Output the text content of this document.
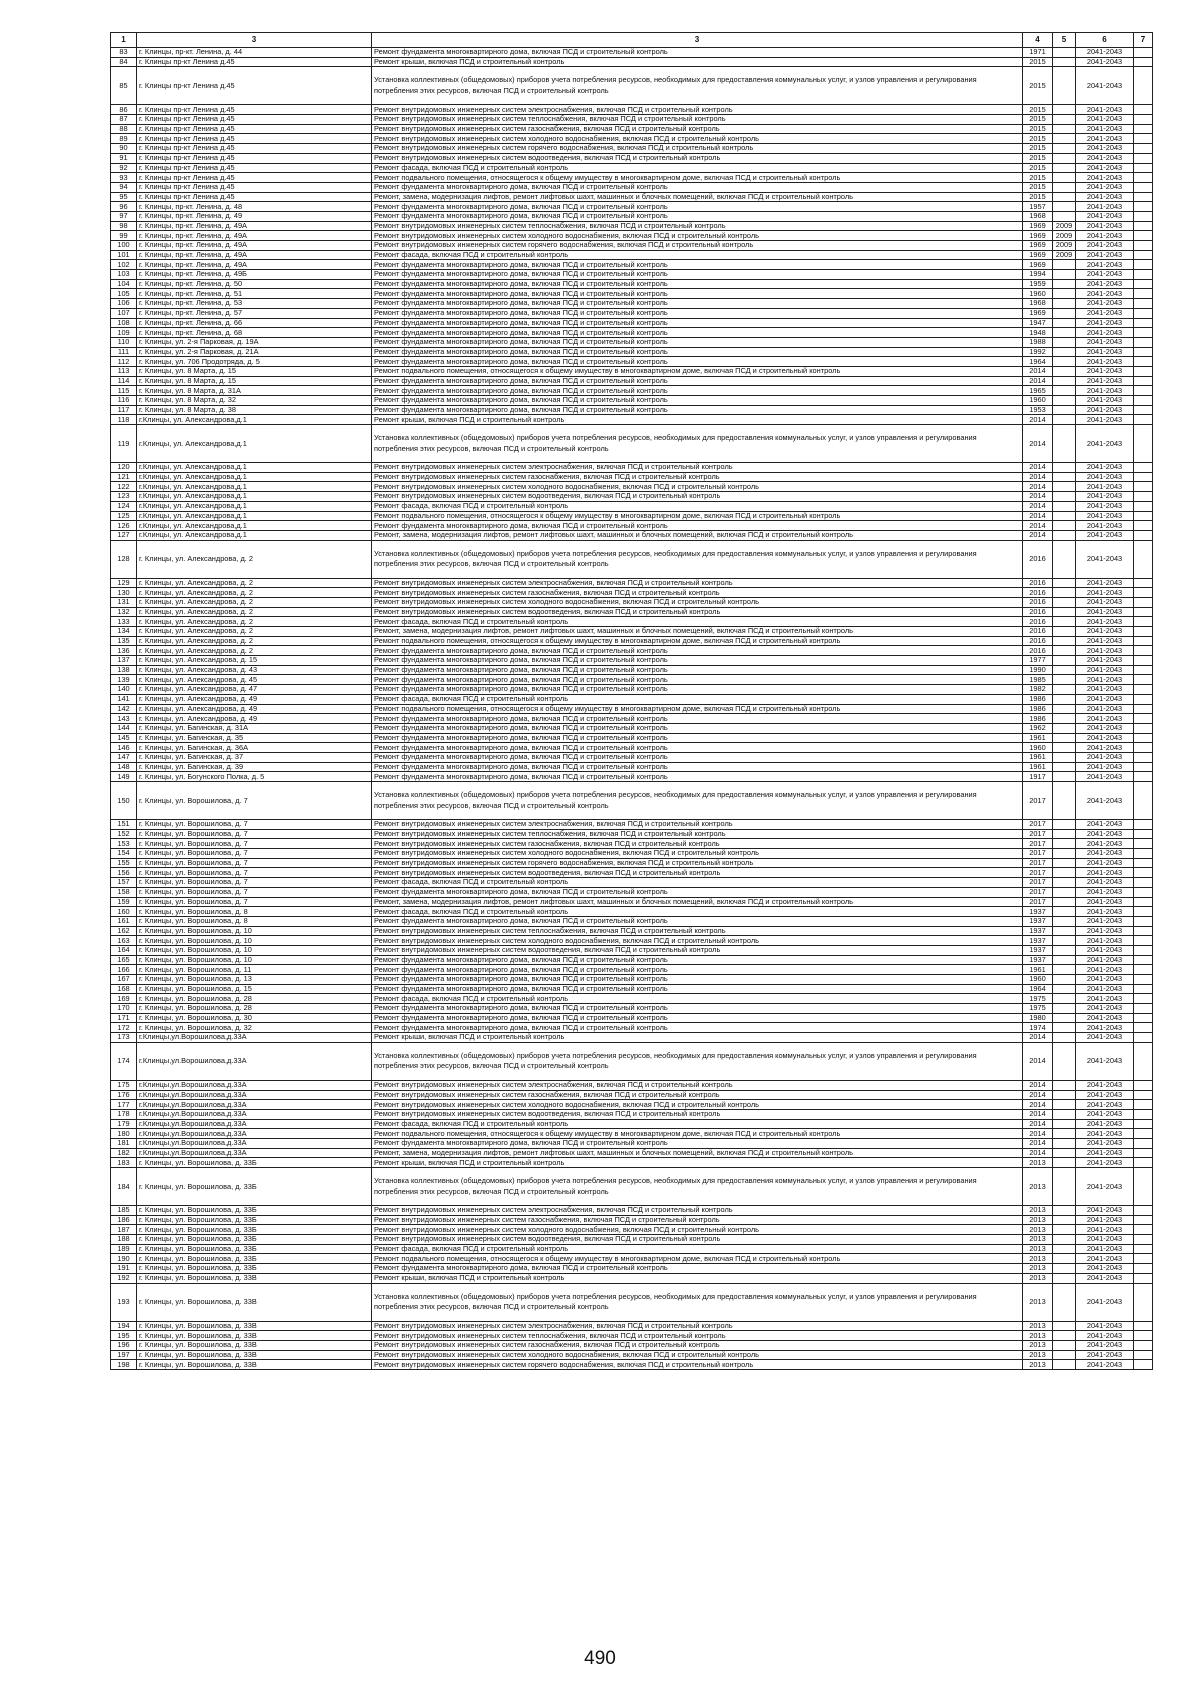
1	3	3	4	5	6	7
83	г. Клинцы, пр-кт. Ленина, д. 44	Ремонт фундамента многоквартирного дома, включая ПСД и строительный контроль	1971		2041-2043	
84	г. Клинцы пр-кт Ленина д.45	Ремонт крыши, включая ПСД и строительный контроль	2015		2041-2043	
85	г. Клинцы пр-кт Ленина д.45	Установка коллективных (общедомовых) приборов учета потребления ресурсов, необходимых для предоставления коммунальных услуг, и узлов управления и регулирования потребления этих ресурсов, включая ПСД и строительный контроль	2015		2041-2043	
86	г. Клинцы пр-кт Ленина д.45	Ремонт внутридомовых инженерных систем электроснабжения, включая ПСД и строительный контроль	2015		2041-2043	
87	г. Клинцы пр-кт Ленина д.45	Ремонт внутридомовых инженерных систем теплоснабжения, включая ПСД и строительный контроль	2015		2041-2043	
88	г. Клинцы пр-кт Ленина д.45	Ремонт внутридомовых инженерных систем газоснабжения, включая ПСД и строительный контроль	2015		2041-2043	
89	г. Клинцы пр-кт Ленина д.45	Ремонт внутридомовых инженерных систем холодного водоснабжения, включая ПСД и строительный контроль	2015		2041-2043	
90	г. Клинцы пр-кт Ленина д.45	Ремонт внутридомовых инженерных систем горячего водоснабжения, включая ПСД и строительный контроль	2015		2041-2043	
91	г. Клинцы пр-кт Ленина д.45	Ремонт внутридомовых инженерных систем водоотведения, включая ПСД и строительный контроль	2015		2041-2043	
92	г. Клинцы пр-кт Ленина д.45	Ремонт фасада, включая ПСД и строительный контроль	2015		2041-2043	
93	г. Клинцы пр-кт Ленина д.45	Ремонт подвального помещения, относящегося к общему имуществу в многоквартирном доме, включая ПСД и строительный контроль	2015		2041-2043	
94	г. Клинцы пр-кт Ленина д.45	Ремонт фундамента многоквартирного дома, включая ПСД и строительный контроль	2015		2041-2043	
95	г. Клинцы пр-кт Ленина д.45	Ремонт, замена, модернизация лифтов, ремонт лифтовых шахт, машинных и блочных помещений, включая ПСД и строительный контроль	2015		2041-2043	
96	г. Клинцы, пр-кт. Ленина, д. 48	Ремонт фундамента многоквартирного дома, включая ПСД и строительный контроль	1957		2041-2043	
97	г. Клинцы, пр-кт. Ленина, д. 49	Ремонт фундамента многоквартирного дома, включая ПСД и строительный контроль	1968		2041-2043	
98	г. Клинцы, пр-кт. Ленина, д. 49А	Ремонт внутридомовых инженерных систем теплоснабжения, включая ПСД и строительный контроль	1969	2009	2041-2043	
99	г. Клинцы, пр-кт. Ленина, д. 49А	Ремонт внутридомовых инженерных систем холодного водоснабжения, включая ПСД и строительный контроль	1969	2009	2041-2043	
100	г. Клинцы, пр-кт. Ленина, д. 49А	Ремонт внутридомовых инженерных систем горячего водоснабжения, включая ПСД и строительный контроль	1969	2009	2041-2043	
101	г. Клинцы, пр-кт. Ленина, д. 49А	Ремонт фасада, включая ПСД и строительный контроль	1969	2009	2041-2043	
102	г. Клинцы, пр-кт. Ленина, д. 49А	Ремонт фундамента многоквартирного дома, включая ПСД и строительный контроль	1969		2041-2043	
103	г. Клинцы, пр-кт. Ленина, д. 49Б	Ремонт фундамента многоквартирного дома, включая ПСД и строительный контроль	1994		2041-2043	
104	г. Клинцы, пр-кт. Ленина, д. 50	Ремонт фундамента многоквартирного дома, включая ПСД и строительный контроль	1959		2041-2043	
105	г. Клинцы, пр-кт. Ленина, д. 51	Ремонт фундамента многоквартирного дома, включая ПСД и строительный контроль	1960		2041-2043	
106	г. Клинцы, пр-кт. Ленина, д. 53	Ремонт фундамента многоквартирного дома, включая ПСД и строительный контроль	1968		2041-2043	
107	г. Клинцы, пр-кт. Ленина, д. 57	Ремонт фундамента многоквартирного дома, включая ПСД и строительный контроль	1969		2041-2043	
108	г. Клинцы, пр-кт. Ленина, д. 66	Ремонт фундамента многоквартирного дома, включая ПСД и строительный контроль	1947		2041-2043	
109	г. Клинцы, пр-кт. Ленина, д. 68	Ремонт фундамента многоквартирного дома, включая ПСД и строительный контроль	1948		2041-2043	
110	г. Клинцы, ул. 2-я Парковая, д. 19А	Ремонт фундамента многоквартирного дома, включая ПСД и строительный контроль	1988		2041-2043	
111	г. Клинцы, ул. 2-я Парковая, д. 21А	Ремонт фундамента многоквартирного дома, включая ПСД и строительный контроль	1992		2041-2043	
112	г. Клинцы, ул. 706 Продотряда, д. 5	Ремонт фундамента многоквартирного дома, включая ПСД и строительный контроль	1964		2041-2043	
113	г. Клинцы, ул. 8 Марта, д. 15	Ремонт подвального помещения, относящегося к общему имуществу в многоквартирном доме, включая ПСД и строительный контроль	2014		2041-2043	
114	г. Клинцы, ул. 8 Марта, д. 15	Ремонт фундамента многоквартирного дома, включая ПСД и строительный контроль	2014		2041-2043	
115	г. Клинцы, ул. 8 Марта, д. 31А	Ремонт фундамента многоквартирного дома, включая ПСД и строительный контроль	1965		2041-2043	
116	г. Клинцы, ул. 8 Марта, д. 32	Ремонт фундамента многоквартирного дома, включая ПСД и строительный контроль	1960		2041-2043	
117	г. Клинцы, ул. 8 Марта, д. 38	Ремонт фундамента многоквартирного дома, включая ПСД и строительный контроль	1953		2041-2043	
118	г.Клинцы, ул. Александрова,д.1	Ремонт крыши, включая ПСД и строительный контроль	2014		2041-2043	
119	г.Клинцы, ул. Александрова,д.1	Установка коллективных (общедомовых) приборов учета потребления ресурсов, необходимых для предоставления коммунальных услуг, и узлов управления и регулирования потребления этих ресурсов, включая ПСД и строительный контроль	2014		2041-2043	
120	г.Клинцы, ул. Александрова,д.1	Ремонт внутридомовых инженерных систем электроснабжения, включая ПСД и строительный контроль	2014		2041-2043	
121	г.Клинцы, ул. Александрова,д.1	Ремонт внутридомовых инженерных систем газоснабжения, включая ПСД и строительный контроль	2014		2041-2043	
122	г.Клинцы, ул. Александрова,д.1	Ремонт внутридомовых инженерных систем холодного водоснабжения, включая ПСД и строительный контроль	2014		2041-2043	
123	г.Клинцы, ул. Александрова,д.1	Ремонт внутридомовых инженерных систем водоотведения, включая ПСД и строительный контроль	2014		2041-2043	
124	г.Клинцы, ул. Александрова,д.1	Ремонт фасада, включая ПСД и строительный контроль	2014		2041-2043	
125	г.Клинцы, ул. Александрова,д.1	Ремонт подвального помещения, относящегося к общему имуществу в многоквартирном доме, включая ПСД и строительный контроль	2014		2041-2043	
126	г.Клинцы, ул. Александрова,д.1	Ремонт фундамента многоквартирного дома, включая ПСД и строительный контроль	2014		2041-2043	
127	г.Клинцы, ул. Александрова,д.1	Ремонт, замена, модернизация лифтов, ремонт лифтовых шахт, машинных и блочных помещений, включая ПСД и строительный контроль	2014		2041-2043	
128	г. Клинцы, ул. Александрова, д. 2	Установка коллективных (общедомовых) приборов учета потребления ресурсов, необходимых для предоставления коммунальных услуг, и узлов управления и регулирования потребления этих ресурсов, включая ПСД и строительный контроль	2016		2041-2043	
129	г. Клинцы, ул. Александрова, д. 2	Ремонт внутридомовых инженерных систем электроснабжения, включая ПСД и строительный контроль	2016		2041-2043	
130	г. Клинцы, ул. Александрова, д. 2	Ремонт внутридомовых инженерных систем газоснабжения, включая ПСД и строительный контроль	2016		2041-2043	
131	г. Клинцы, ул. Александрова, д. 2	Ремонт внутридомовых инженерных систем холодного водоснабжения, включая ПСД и строительный контроль	2016		2041-2043	
132	г. Клинцы, ул. Александрова, д. 2	Ремонт внутридомовых инженерных систем водоотведения, включая ПСД и строительный контроль	2016		2041-2043	
133	г. Клинцы, ул. Александрова, д. 2	Ремонт фасада, включая ПСД и строительный контроль	2016		2041-2043	
134	г. Клинцы, ул. Александрова, д. 2	Ремонт, замена, модернизация лифтов, ремонт лифтовых шахт, машинных и блочных помещений, включая ПСД и строительный контроль	2016		2041-2043	
135	г. Клинцы, ул. Александрова, д. 2	Ремонт подвального помещения, относящегося к общему имуществу в многоквартирном доме, включая ПСД и строительный контроль	2016		2041-2043	
136	г. Клинцы, ул. Александрова, д. 2	Ремонт фундамента многоквартирного дома, включая ПСД и строительный контроль	2016		2041-2043	
137	г. Клинцы, ул. Александрова, д. 15	Ремонт фундамента многоквартирного дома, включая ПСД и строительный контроль	1977		2041-2043	
138	г. Клинцы, ул. Александрова, д. 43	Ремонт фундамента многоквартирного дома, включая ПСД и строительный контроль	1990		2041-2043	
139	г. Клинцы, ул. Александрова, д. 45	Ремонт фундамента многоквартирного дома, включая ПСД и строительный контроль	1985		2041-2043	
140	г. Клинцы, ул. Александрова, д. 47	Ремонт фундамента многоквартирного дома, включая ПСД и строительный контроль	1982		2041-2043	
141	г. Клинцы, ул. Александрова, д. 49	Ремонт фасада, включая ПСД и строительный контроль	1986		2041-2043	
142	г. Клинцы, ул. Александрова, д. 49	Ремонт подвального помещения, относящегося к общему имуществу в многоквартирном доме, включая ПСД и строительный контроль	1986		2041-2043	
143	г. Клинцы, ул. Александрова, д. 49	Ремонт фундамента многоквартирного дома, включая ПСД и строительный контроль	1986		2041-2043	
144	г. Клинцы, ул. Багинская, д. 31А	Ремонт фундамента многоквартирного дома, включая ПСД и строительный контроль	1962		2041-2043	
145	г. Клинцы, ул. Багинская, д. 35	Ремонт фундамента многоквартирного дома, включая ПСД и строительный контроль	1961		2041-2043	
146	г. Клинцы, ул. Багинская, д. 36А	Ремонт фундамента многоквартирного дома, включая ПСД и строительный контроль	1960		2041-2043	
147	г. Клинцы, ул. Багинская, д. 37	Ремонт фундамента многоквартирного дома, включая ПСД и строительный контроль	1961		2041-2043	
148	г. Клинцы, ул. Багинская, д. 39	Ремонт фундамента многоквартирного дома, включая ПСД и строительный контроль	1961		2041-2043	
149	г. Клинцы, ул. Богунского Полка, д. 5	Ремонт фундамента многоквартирного дома, включая ПСД и строительный контроль	1917		2041-2043	
150	г. Клинцы, ул. Ворошилова, д. 7	Установка коллективных (общедомовых) приборов учета потребления ресурсов, необходимых для предоставления коммунальных услуг, и узлов управления и регулирования потребления этих ресурсов, включая ПСД и строительный контроль	2017		2041-2043	
151	г. Клинцы, ул. Ворошилова, д. 7	Ремонт внутридомовых инженерных систем электроснабжения, включая ПСД и строительный контроль	2017		2041-2043	
152	г. Клинцы, ул. Ворошилова, д. 7	Ремонт внутридомовых инженерных систем теплоснабжения, включая ПСД и строительный контроль	2017		2041-2043	
153	г. Клинцы, ул. Ворошилова, д. 7	Ремонт внутридомовых инженерных систем газоснабжения, включая ПСД и строительный контроль	2017		2041-2043	
154	г. Клинцы, ул. Ворошилова, д. 7	Ремонт внутридомовых инженерных систем холодного водоснабжения, включая ПСД и строительный контроль	2017		2041-2043	
155	г. Клинцы, ул. Ворошилова, д. 7	Ремонт внутридомовых инженерных систем горячего водоснабжения, включая ПСД и строительный контроль	2017		2041-2043	
156	г. Клинцы, ул. Ворошилова, д. 7	Ремонт внутридомовых инженерных систем водоотведения, включая ПСД и строительный контроль	2017		2041-2043	
157	г. Клинцы, ул. Ворошилова, д. 7	Ремонт фасада, включая ПСД и строительный контроль	2017		2041-2043	
158	г. Клинцы, ул. Ворошилова, д. 7	Ремонт фундамента многоквартирного дома, включая ПСД и строительный контроль	2017		2041-2043	
159	г. Клинцы, ул. Ворошилова, д. 7	Ремонт, замена, модернизация лифтов, ремонт лифтовых шахт, машинных и блочных помещений, включая ПСД и строительный контроль	2017		2041-2043	
160	г. Клинцы, ул. Ворошилова, д. 8	Ремонт фасада, включая ПСД и строительный контроль	1937		2041-2043	
161	г. Клинцы, ул. Ворошилова, д. 8	Ремонт фундамента многоквартирного дома, включая ПСД и строительный контроль	1937		2041-2043	
162	г. Клинцы, ул. Ворошилова, д. 10	Ремонт внутридомовых инженерных систем теплоснабжения, включая ПСД и строительный контроль	1937		2041-2043	
163	г. Клинцы, ул. Ворошилова, д. 10	Ремонт внутридомовых инженерных систем холодного водоснабжения, включая ПСД и строительный контроль	1937		2041-2043	
164	г. Клинцы, ул. Ворошилова, д. 10	Ремонт внутридомовых инженерных систем водоотведения, включая ПСД и строительный контроль	1937		2041-2043	
165	г. Клинцы, ул. Ворошилова, д. 10	Ремонт фундамента многоквартирного дома, включая ПСД и строительный контроль	1937		2041-2043	
166	г. Клинцы, ул. Ворошилова, д. 11	Ремонт фундамента многоквартирного дома, включая ПСД и строительный контроль	1961		2041-2043	
167	г. Клинцы, ул. Ворошилова, д. 13	Ремонт фундамента многоквартирного дома, включая ПСД и строительный контроль	1960		2041-2043	
168	г. Клинцы, ул. Ворошилова, д. 15	Ремонт фундамента многоквартирного дома, включая ПСД и строительный контроль	1964		2041-2043	
169	г. Клинцы, ул. Ворошилова, д. 28	Ремонт фасада, включая ПСД и строительный контроль	1975		2041-2043	
170	г. Клинцы, ул. Ворошилова, д. 28	Ремонт фундамента многоквартирного дома, включая ПСД и строительный контроль	1975		2041-2043	
171	г. Клинцы, ул. Ворошилова, д. 30	Ремонт фундамента многоквартирного дома, включая ПСД и строительный контроль	1980		2041-2043	
172	г. Клинцы, ул. Ворошилова, д. 32	Ремонт фундамента многоквартирного дома, включая ПСД и строительный контроль	1974		2041-2043	
173	г.Клинцы,ул.Ворошилова,д.33А	Ремонт крыши, включая ПСД и строительный контроль	2014		2041-2043	
174	г.Клинцы,ул.Ворошилова,д.33А	Установка коллективных (общедомовых) приборов учета потребления ресурсов, необходимых для предоставления коммунальных услуг, и узлов управления и регулирования потребления этих ресурсов, включая ПСД и строительный контроль	2014		2041-2043	
175	г.Клинцы,ул.Ворошилова,д.33А	Ремонт внутридомовых инженерных систем электроснабжения, включая ПСД и строительный контроль	2014		2041-2043	
176	г.Клинцы,ул.Ворошилова,д.33А	Ремонт внутридомовых инженерных систем газоснабжения, включая ПСД и строительный контроль	2014		2041-2043	
177	г.Клинцы,ул.Ворошилова,д.33А	Ремонт внутридомовых инженерных систем холодного водоснабжения, включая ПСД и строительный контроль	2014		2041-2043	
178	г.Клинцы,ул.Ворошилова,д.33А	Ремонт внутридомовых инженерных систем водоотведения, включая ПСД и строительный контроль	2014		2041-2043	
179	г.Клинцы,ул.Ворошилова,д.33А	Ремонт фасада, включая ПСД и строительный контроль	2014		2041-2043	
180	г.Клинцы,ул.Ворошилова,д.33А	Ремонт подвального помещения, относящегося к общему имуществу в многоквартирном доме, включая ПСД и строительный контроль	2014		2041-2043	
181	г.Клинцы,ул.Ворошилова,д.33А	Ремонт фундамента многоквартирного дома, включая ПСД и строительный контроль	2014		2041-2043	
182	г.Клинцы,ул.Ворошилова,д.33А	Ремонт, замена, модернизация лифтов, ремонт лифтовых шахт, машинных и блочных помещений, включая ПСД и строительный контроль	2014		2041-2043	
183	г. Клинцы, ул. Ворошилова, д. 33Б	Ремонт крыши, включая ПСД и строительный контроль	2013		2041-2043	
184	г. Клинцы, ул. Ворошилова, д. 33Б	Установка коллективных (общедомовых) приборов учета потребления ресурсов, необходимых для предоставления коммунальных услуг, и узлов управления и регулирования потребления этих ресурсов, включая ПСД и строительный контроль	2013		2041-2043	
185	г. Клинцы, ул. Ворошилова, д. 33Б	Ремонт внутридомовых инженерных систем электроснабжения, включая ПСД и строительный контроль	2013		2041-2043	
186	г. Клинцы, ул. Ворошилова, д. 33Б	Ремонт внутридомовых инженерных систем газоснабжения, включая ПСД и строительный контроль	2013		2041-2043	
187	г. Клинцы, ул. Ворошилова, д. 33Б	Ремонт внутридомовых инженерных систем холодного водоснабжения, включая ПСД и строительный контроль	2013		2041-2043	
188	г. Клинцы, ул. Ворошилова, д. 33Б	Ремонт внутридомовых инженерных систем водоотведения, включая ПСД и строительный контроль	2013		2041-2043	
189	г. Клинцы, ул. Ворошилова, д. 33Б	Ремонт фасада, включая ПСД и строительный контроль	2013		2041-2043	
190	г. Клинцы, ул. Ворошилова, д. 33Б	Ремонт подвального помещения, относящегося к общему имуществу в многоквартирном доме, включая ПСД и строительный контроль	2013		2041-2043	
191	г. Клинцы, ул. Ворошилова, д. 33Б	Ремонт фундамента многоквартирного дома, включая ПСД и строительный контроль	2013		2041-2043	
192	г. Клинцы, ул. Ворошилова, д. 33В	Ремонт крыши, включая ПСД и строительный контроль	2013		2041-2043	
193	г. Клинцы, ул. Ворошилова, д. 33В	Установка коллективных (общедомовых) приборов учета потребления ресурсов, необходимых для предоставления коммунальных услуг, и узлов управления и регулирования потребления этих ресурсов, включая ПСД и строительный контроль	2013		2041-2043	
194	г. Клинцы, ул. Ворошилова, д. 33В	Ремонт внутридомовых инженерных систем электроснабжения, включая ПСД и строительный контроль	2013		2041-2043	
195	г. Клинцы, ул. Ворошилова, д. 33В	Ремонт внутридомовых инженерных систем теплоснабжения, включая ПСД и строительный контроль	2013		2041-2043	
196	г. Клинцы, ул. Ворошилова, д. 33В	Ремонт внутридомовых инженерных систем газоснабжения, включая ПСД и строительный контроль	2013		2041-2043	
197	г. Клинцы, ул. Ворошилова, д. 33В	Ремонт внутридомовых инженерных систем холодного водоснабжения, включая ПСД и строительный контроль	2013		2041-2043	
198	г. Клинцы, ул. Ворошилова, д. 33В	Ремонт внутридомовых инженерных систем горячего водоснабжения, включая ПСД и строительный контроль	2013		2041-2043	
490
